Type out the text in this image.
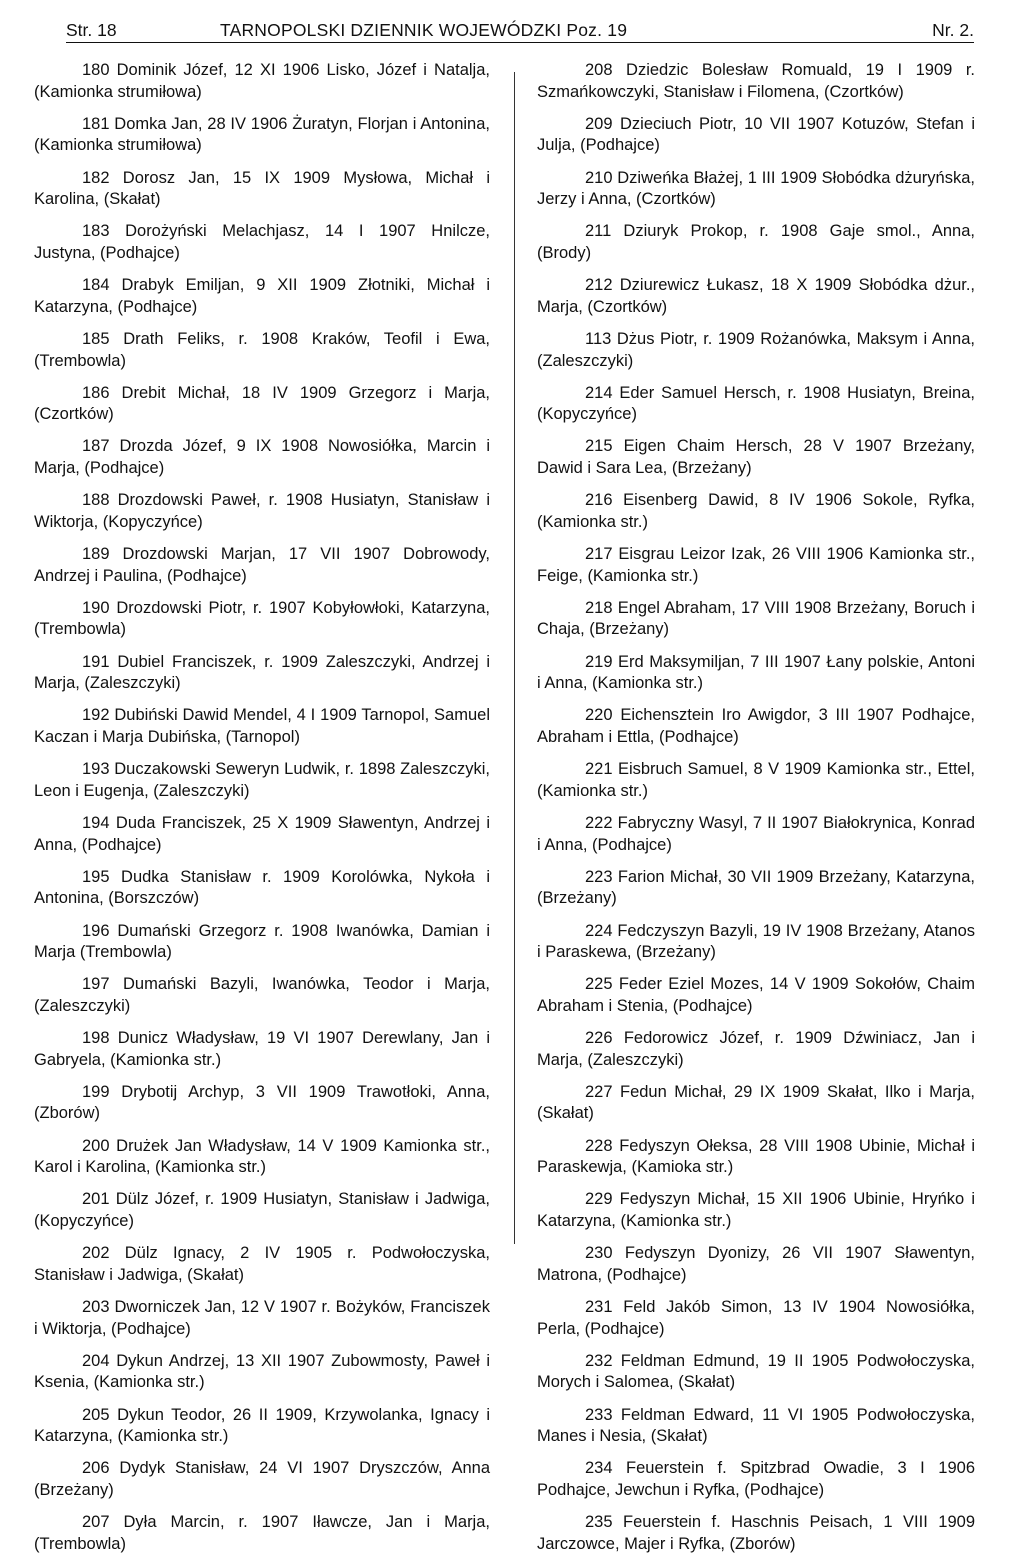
Str. 18	TARNOPOLSKI DZIENNIK WOJEWÓDZKI Poz. 19	Nr. 2.

180 Dominik Józef, 12 XI 1906 Lisko, Józef i Natalja, (Kamionka strumiłowa)

181 Domka Jan, 28 IV 1906 Żuratyn, Florjan i Antonina, (Kamionka strumiłowa)

182 Dorosz Jan, 15 IX 1909 Mysłowa, Michał i Karolina, (Skałat)

183 Dorożyński Melachjasz, 14 I 1907 Hnilcze, Justyna, (Podhajce)

184 Drabyk Emiljan, 9 XII 1909 Złotniki, Michał i Katarzyna, (Podhajce)

185 Drath Feliks, r. 1908 Kraków, Teofil i Ewa, (Trembowla)

186 Drebit Michał, 18 IV 1909 Grzegorz i Marja, (Czortków)

187 Drozda Józef, 9 IX 1908 Nowosiółka, Marcin i Marja, (Podhajce)

188 Drozdowski Paweł, r. 1908 Husiatyn, Stanisław i Wiktorja, (Kopyczyńce)

189 Drozdowski Marjan, 17 VII 1907 Dobrowody, Andrzej i Paulina, (Podhajce)

190 Drozdowski Piotr, r. 1907 Kobyłowłoki, Katarzyna, (Trembowla)

191 Dubiel Franciszek, r. 1909 Zaleszczyki, Andrzej i Marja, (Zaleszczyki)

192 Dubiński Dawid Mendel, 4 I 1909 Tarnopol, Samuel Kaczan i Marja Dubińska, (Tarnopol)

193 Duczakowski Seweryn Ludwik, r. 1898 Zaleszczyki, Leon i Eugenja, (Zaleszczyki)

194 Duda Franciszek, 25 X 1909 Sławentyn, Andrzej i Anna, (Podhajce)

195 Dudka Stanisław r. 1909 Korolówka, Nykoła i Antonina, (Borszczów)

196 Dumański Grzegorz r. 1908 Iwanówka, Damian i Marja (Trembowla)

197 Dumański Bazyli, Iwanówka, Teodor i Marja, (Zaleszczyki)

198 Dunicz Władysław, 19 VI 1907 Derewlany, Jan i Gabryela, (Kamionka str.)

199 Drybotij Archyp, 3 VII 1909 Trawotłoki, Anna, (Zborów)

200 Drużek Jan Władysław, 14 V 1909 Kamionka str., Karol i Karolina, (Kamionka str.)

201 Dülz Józef, r. 1909 Husiatyn, Stanisław i Jadwiga, (Kopyczyńce)

202 Dülz Ignacy, 2 IV 1905 r. Podwołoczyska, Stanisław i Jadwiga, (Skałat)

203 Dworniczek Jan, 12 V 1907 r. Bożyków, Franciszek i Wiktorja, (Podhajce)

204 Dykun Andrzej, 13 XII 1907 Zubowmosty, Paweł i Ksenia, (Kamionka str.)

205 Dykun Teodor, 26 II 1909, Krzywolanka, Ignacy i Katarzyna, (Kamionka str.)

206 Dydyk Stanisław, 24 VI 1907 Dryszczów, Anna (Brzeżany)

207 Dyła Marcin, r. 1907 Iławcze, Jan i Marja, (Trembowla)

208 Dziedzic Bolesław Romuald, 19 I 1909 r. Szmańkowczyki, Stanisław i Filomena, (Czortków)

209 Dzieciuch Piotr, 10 VII 1907 Kotuzów, Stefan i Julja, (Podhajce)

210 Dziweńka Błażej, 1 III 1909 Słobódka dżuryńska, Jerzy i Anna, (Czortków)

211 Dziuryk Prokop, r. 1908 Gaje smol., Anna, (Brody)

212 Dziurewicz Łukasz, 18 X 1909 Słobódka dżur., Marja, (Czortków)

113 Dżus Piotr, r. 1909 Rożanówka, Maksym i Anna, (Zaleszczyki)

214 Eder Samuel Hersch, r. 1908 Husiatyn, Breina, (Kopyczyńce)

215 Eigen Chaim Hersch, 28 V 1907 Brzeżany, Dawid i Sara Lea, (Brzeżany)

216 Eisenberg Dawid, 8 IV 1906 Sokole, Ryfka, (Kamionka str.)

217 Eisgrau Leizor Izak, 26 VIII 1906 Kamionka str., Feige, (Kamionka str.)

218 Engel Abraham, 17 VIII 1908 Brzeżany, Boruch i Chaja, (Brzeżany)

219 Erd Maksymiljan, 7 III 1907 Łany polskie, Antoni i Anna, (Kamionka str.)

220 Eichensztein Iro Awigdor, 3 III 1907 Podhajce, Abraham i Ettla, (Podhajce)

221 Eisbruch Samuel, 8 V 1909 Kamionka str., Ettel, (Kamionka str.)

222 Fabryczny Wasyl, 7 II 1907 Białokrynica, Konrad i Anna, (Podhajce)

223 Farion Michał, 30 VII 1909 Brzeżany, Katarzyna, (Brzeżany)

224 Fedczyszyn Bazyli, 19 IV 1908 Brzeżany, Atanos i Paraskewa, (Brzeżany)

225 Feder Eziel Mozes, 14 V 1909 Sokołów, Chaim Abraham i Stenia, (Podhajce)

226 Fedorowicz Józef, r. 1909 Dźwiniacz, Jan i Marja, (Zaleszczyki)

227 Fedun Michał, 29 IX 1909 Skałat, Ilko i Marja, (Skałat)

228 Fedyszyn Ołeksa, 28 VIII 1908 Ubinie, Michał i Paraskewja, (Kamioka str.)

229 Fedyszyn Michał, 15 XII 1906 Ubinie, Hryńko i Katarzyna, (Kamionka str.)

230 Fedyszyn Dyonizy, 26 VII 1907 Sławentyn, Matrona, (Podhajce)

231 Feld Jakób Simon, 13 IV 1904 Nowosiółka, Perla, (Podhajce)

232 Feldman Edmund, 19 II 1905 Podwołoczyska, Morych i Salomea, (Skałat)

233 Feldman Edward, 11 VI 1905 Podwołoczyska, Manes i Nesia, (Skałat)

234 Feuerstein f. Spitzbrad Owadie, 3 I 1906 Podhajce, Jewchun i Ryfka, (Podhajce)

235 Feuerstein f. Haschnis Peisach, 1 VIII 1909 Jarczowce, Majer i Ryfka, (Zborów)
